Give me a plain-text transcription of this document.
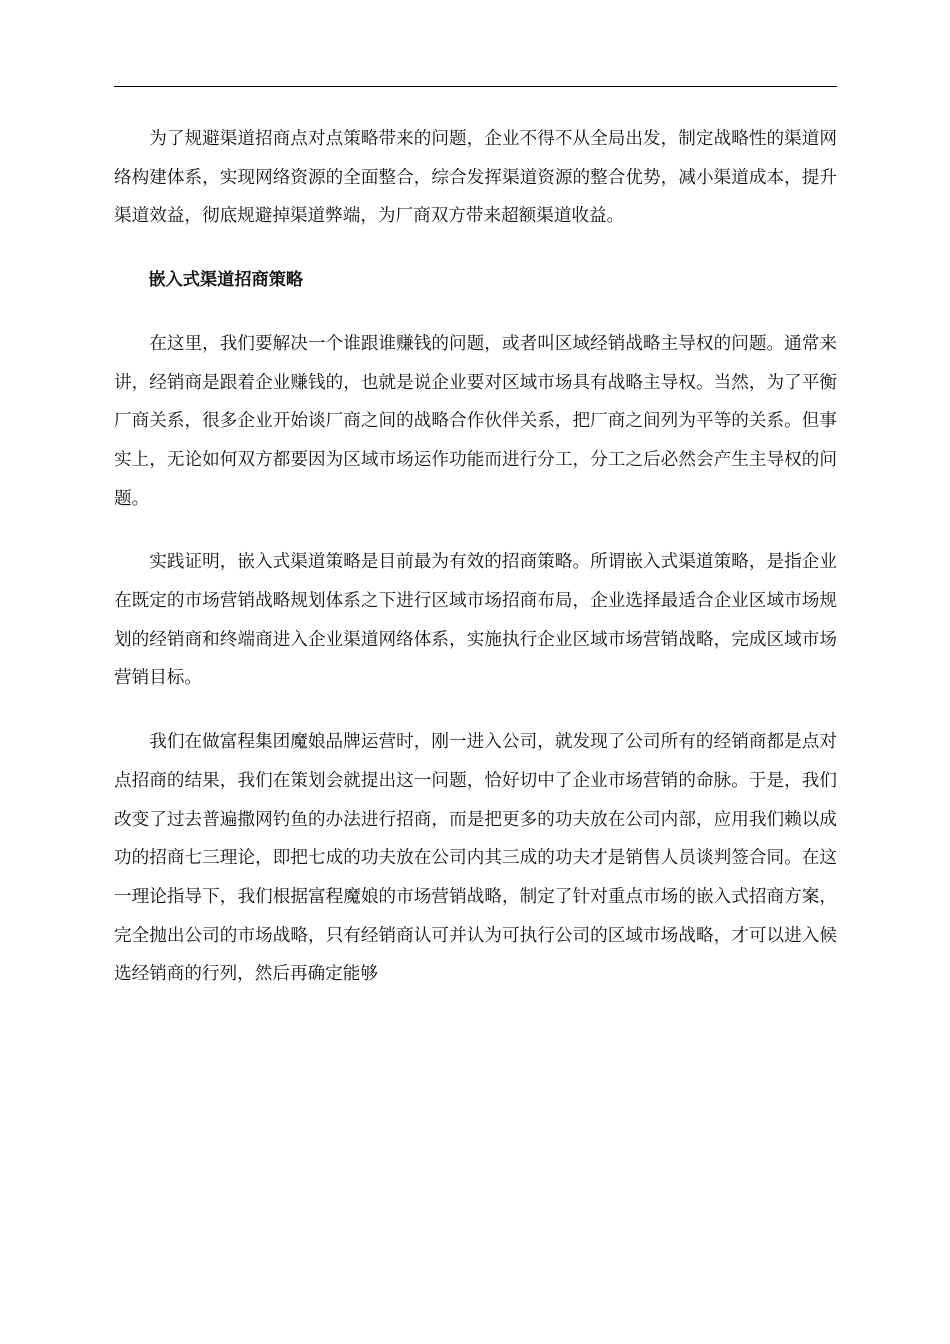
为了规避渠道招商点对点策略带来的问题，企业不得不从全局出发，制定战略性的渠道网络构建体系，实现网络资源的全面整合，综合发挥渠道资源的整合优势，减小渠道成本，提升渠道效益，彻底规避掉渠道弊端，为厂商双方带来超额渠道收益。

嵌入式渠道招商策略

在这里，我们要解决一个谁跟谁赚钱的问题，或者叫区域经销战略主导权的问题。通常来讲，经销商是跟着企业赚钱的，也就是说企业要对区域市场具有战略主导权。当然，为了平衡厂商关系，很多企业开始谈厂商之间的战略合作伙伴关系，把厂商之间列为平等的关系。但事实上，无论如何双方都要因为区域市场运作功能而进行分工，分工之后必然会产生主导权的问题。

实践证明，嵌入式渠道策略是目前最为有效的招商策略。所谓嵌入式渠道策略，是指企业在既定的市场营销战略规划体系之下进行区域市场招商布局，企业选择最适合企业区域市场规划的经销商和终端商进入企业渠道网络体系，实施执行企业区域市场营销战略，完成区域市场营销目标。

我们在做富程集团魔娘品牌运营时，刚一进入公司，就发现了公司所有的经销商都是点对点招商的结果，我们在策划会就提出这一问题，恰好切中了企业市场营销的命脉。于是，我们改变了过去普遍撒网钓鱼的办法进行招商，而是把更多的功夫放在公司内部，应用我们赖以成功的招商七三理论，即把七成的功夫放在公司内其三成的功夫才是销售人员谈判签合同。在这一理论指导下，我们根据富程魔娘的市场营销战略，制定了针对重点市场的嵌入式招商方案，完全抛出公司的市场战略，只有经销商认可并认为可执行公司的区域市场战略，才可以进入候选经销商的行列，然后再确定能够
